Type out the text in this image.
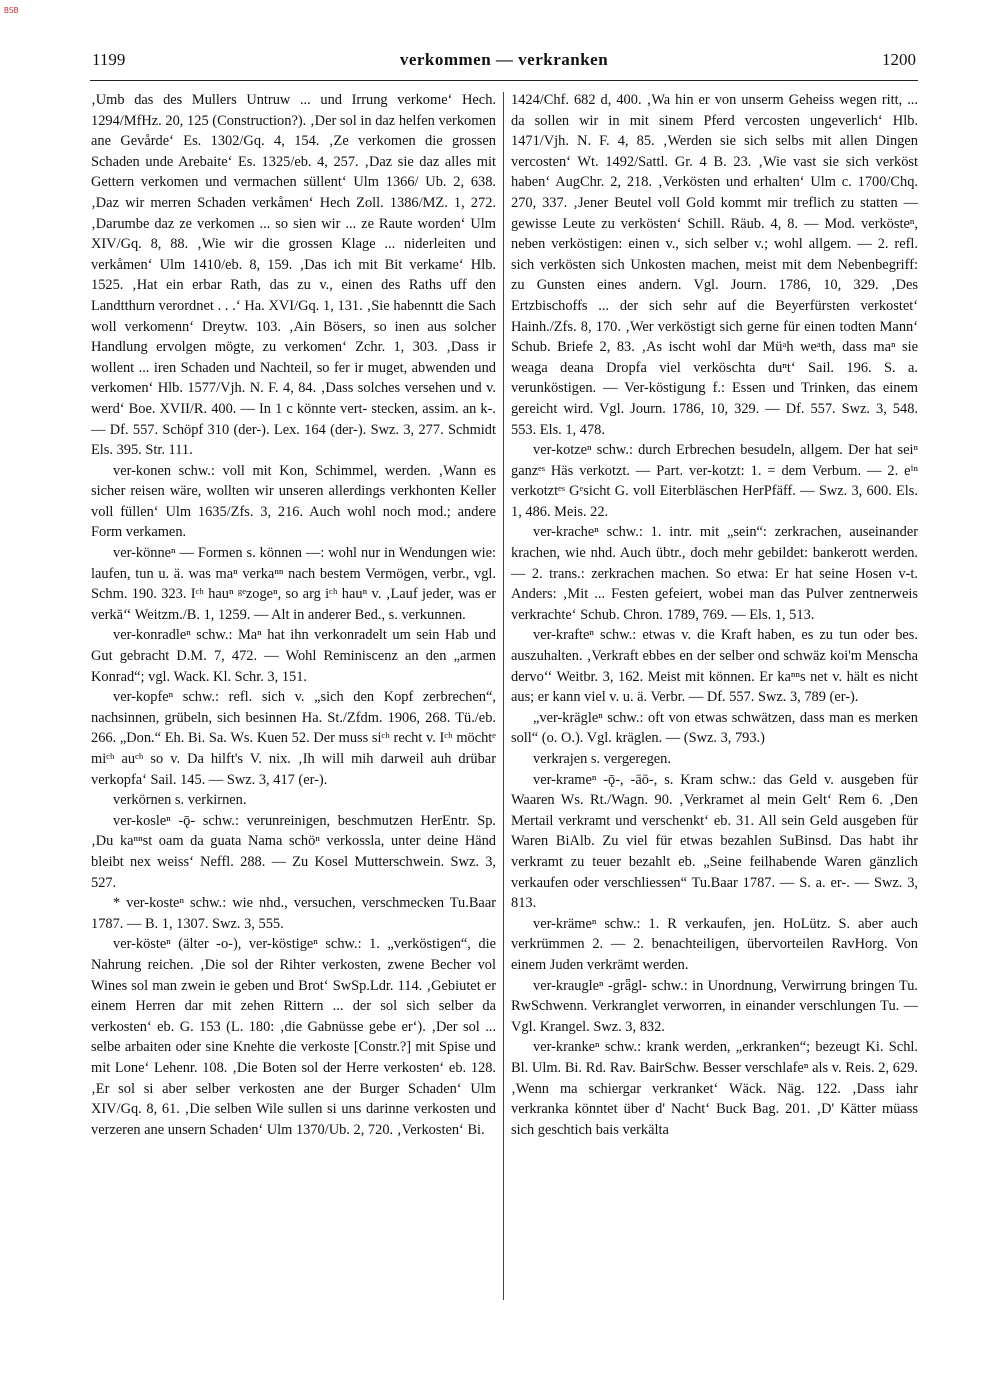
BSB
1199	verkommen — verkranken	1200

‚Umb das des Mullers Untruw ... und Irrung verkome‘ Hech. 1294/MfHz. 20, 125 (Construction?). ‚Der sol in daz helfen verkomen ane Gevårde‘ Es. 1302/Gq. 4, 154. ‚Ze verkomen die grossen Schaden unde Arebaite‘ Es. 1325/eb. 4, 257. ‚Daz sie daz alles mit Gettern verkomen und vermachen süllent‘ Ulm 1366/ Ub. 2, 638. ‚Daz wir merren Schaden verkåmen‘ Hech Zoll. 1386/MZ. 1, 272. ‚Darumbe daz ze verkomen ... so sien wir ... ze Raute worden‘ Ulm XIV/Gq. 8, 88. ‚Wie wir die grossen Klage ... niderleiten und verkåmen‘ Ulm 1410/eb. 8, 159. ‚Das ich mit Bit verkame‘ Hlb. 1525. ‚Hat ein erbar Rath, das zu v., einen des Raths uff den Landtthurn verordnet . . .‘ Ha. XVI/Gq. 1, 131. ‚Sie habenntt die Sach woll verkomenn‘ Dreytw. 103. ‚Ain Bösers, so inen aus solcher Handlung ervolgen mögte, zu verkomen‘ Zchr. 1, 303. ‚Dass ir wollent ... iren Schaden und Nachteil, so fer ir muget, abwenden und verkomen‘ Hlb. 1577/Vjh. N. F. 4, 84. ‚Dass solches versehen und v. werd‘ Boe. XVII/R. 400. — In 1 c könnte vert- stecken, assim. an k-. — Df. 557. Schöpf 310 (der-). Lex. 164 (der-). Swz. 3, 277. Schmidt Els. 395. Str. 111.

ver-konen schw.: voll mit Kon, Schimmel, werden. ‚Wann es sicher reisen wäre, wollten wir unseren allerdings verkhonten Keller voll füllen‘ Ulm 1635/Zfs. 3, 216. Auch wohl noch mod.; andere Form verkamen.

ver-könneⁿ — Formen s. können —: wohl nur in Wendungen wie: laufen, tun u. ä. was maⁿ verkaⁿⁿ nach bestem Vermögen, verbr., vgl. Schm. 190. 323. Iᶜʰ hauⁿ ᵍᵉzogeⁿ, so arg iᶜʰ hauⁿ v. ‚Lauf jeder, was er verkā‘‘ Weitzm./B. 1, 1259. — Alt in anderer Bed., s. verkunnen.

ver-konradleⁿ schw.: Maⁿ hat ihn verkonradelt um sein Hab und Gut gebracht D.M. 7, 472. — Wohl Reminiscenz an den „armen Konrad“; vgl. Wack. Kl. Schr. 3, 151.

ver-kopfeⁿ schw.: refl. sich v. „sich den Kopf zerbrechen“, nachsinnen, grübeln, sich besinnen Ha. St./Zfdm. 1906, 268. Tü./eb. 266. „Don.“ Eh. Bi. Sa. Ws. Kuen 52. Der muss siᶜʰ recht v. Iᶜʰ möchtᵉ miᶜʰ auᶜʰ so v. Da hilft's V. nix. ‚Ih will mih darweil auh drübar verkopfa‘ Sail. 145. — Swz. 3, 417 (er-).

verkörnen s. verkirnen.

ver-kosleⁿ -ǭ- schw.: verunreinigen, beschmutzen HerEntr. Sp. ‚Du kaⁿⁿst oam da guata Nama schöⁿ verkossla, unter deine Händ bleibt nex weiss‘ Neffl. 288. — Zu Kosel Mutterschwein. Swz. 3, 527.

* ver-kosteⁿ schw.: wie nhd., versuchen, verschmecken Tu.Baar 1787. — B. 1, 1307. Swz. 3, 555.

ver-kösteⁿ (älter -o-), ver-köstigeⁿ schw.: 1. „verköstigen“, die Nahrung reichen. ‚Die sol der Rihter verkosten, zwene Becher vol Wines sol man zwein ie geben und Brot‘ SwSp.Ldr. 114. ‚Gebiutet er einem Herren dar mit zehen Rittern ... der sol sich selber da verkosten‘ eb. G. 153 (L. 180: ‚die Gabnüsse gebe er‘). ‚Der sol ... selbe arbaiten oder sine Knehte die verkoste [Constr.?] mit Spise und mit Lone‘ Lehenr. 108. ‚Die Boten sol der Herre verkosten‘ eb. 128. ‚Er sol si aber selber verkosten ane der Burger Schaden‘ Ulm XIV/Gq. 8, 61. ‚Die selben Wile sullen si uns darinne verkosten und verzeren ane unsern Schaden‘ Ulm 1370/Ub. 2, 720. ‚Verkosten‘ Bi.

1424/Chf. 682 d, 400. ‚Wa hin er von unserm Geheiss wegen ritt, ... da sollen wir in mit sinem Pferd vercosten ungeverlich‘ Hlb. 1471/Vjh. N. F. 4, 85. ‚Werden sie sich selbs mit allen Dingen vercosten‘ Wt. 1492/Sattl. Gr. 4 B. 23. ‚Wie vast sie sich verköst haben‘ AugChr. 2, 218. ‚Verkösten und erhalten‘ Ulm c. 1700/Chq. 270, 337. ‚Jener Beutel voll Gold kommt mir treflich zu statten — gewisse Leute zu verkösten‘ Schill. Räub. 4, 8. — Mod. verkösteⁿ, neben verköstigen: einen v., sich selber v.; wohl allgem. — 2. refl. sich verkösten sich Unkosten machen, meist mit dem Nebenbegriff: zu Gunsten eines andern. Vgl. Journ. 1786, 10, 329. ‚Des Ertzbischoffs ... der sich sehr auf die Beyerfürsten verkostet‘ Hainh./Zfs. 8, 170. ‚Wer verköstigt sich gerne für einen todten Mann‘ Schub. Briefe 2, 83. ‚As ischt wohl dar Müᵃh weᵃth, dass maⁿ sie weaga deana Dropfa viel verköschta duⁿt‘ Sail. 196. S. a. verunköstigen. — Ver-köstigung f.: Essen und Trinken, das einem gereicht wird. Vgl. Journ. 1786, 10, 329. — Df. 557. Swz. 3, 548. 553. Els. 1, 478.

ver-kotzeⁿ schw.: durch Erbrechen besudeln, allgem. Der hat seiⁿ ganzᵉˢ Häs verkotzt. — Part. ver-kotzt: 1. = dem Verbum. — 2. eⁱⁿ verkotztᵉˢ Gᵉsicht G. voll Eiterbläschen HerPfäff. — Swz. 3, 600. Els. 1, 486. Meis. 22.

ver-kracheⁿ schw.: 1. intr. mit „sein“: zerkrachen, auseinander krachen, wie nhd. Auch übtr., doch mehr gebildet: bankerott werden. — 2. trans.: zerkrachen machen. So etwa: Er hat seine Hosen v-t. Anders: ‚Mit ... Festen gefeiert, wobei man das Pulver zentnerweis verkrachte‘ Schub. Chron. 1789, 769. — Els. 1, 513.

ver-krafteⁿ schw.: etwas v. die Kraft haben, es zu tun oder bes. auszuhalten. ‚Verkraft ebbes en der selber ond schwäz koi'm Menscha dervo‘‘ Weitbr. 3, 162. Meist mit können. Er kaⁿⁿs net v. hält es nicht aus; er kann viel v. u. ä. Verbr. — Df. 557. Swz. 3, 789 (er-).

„ver-krägleⁿ schw.: oft von etwas schwätzen, dass man es merken soll“ (o. O.). Vgl. kräglen. — (Swz. 3, 793.)

verkrajen s. vergeregen.

ver-krameⁿ -ǭ-, -āō-, s. Kram schw.: das Geld v. ausgeben für Waaren Ws. Rt./Wagn. 90. ‚Verkramet al mein Gelt‘ Rem 6. ‚Den Mertail verkramt und verschenkt‘ eb. 31. All sein Geld ausgeben für Waren BiAlb. Zu viel für etwas bezahlen SuBinsd. Das habt ihr verkramt zu teuer bezahlt eb. „Seine feilhabende Waren gänzlich verkaufen oder verschliessen“ Tu.Baar 1787. — S. a. er-. — Swz. 3, 813.

ver-krämeⁿ schw.: 1. R verkaufen, jen. HoLütz. S. aber auch verkrümmen 2. — 2. benachteiligen, übervorteilen RavHorg. Von einem Juden verkrämt werden.

ver-kraugleⁿ -grǟgl- schw.: in Unordnung, Verwirrung bringen Tu. RwSchwenn. Verkranglet verworren, in einander verschlungen Tu. — Vgl. Krangel. Swz. 3, 832.

ver-krankeⁿ schw.: krank werden, „erkranken“; bezeugt Ki. Schl. Bl. Ulm. Bi. Rd. Rav. BairSchw. Besser verschlafeⁿ als v. Reis. 2, 629. ‚Wenn ma schiergar verkranket‘ Wäck. Näg. 122. ‚Dass iahr verkranka könntet über d' Nacht‘ Buck Bag. 201. ‚D' Kätter müass sich geschtich bais verkälta
